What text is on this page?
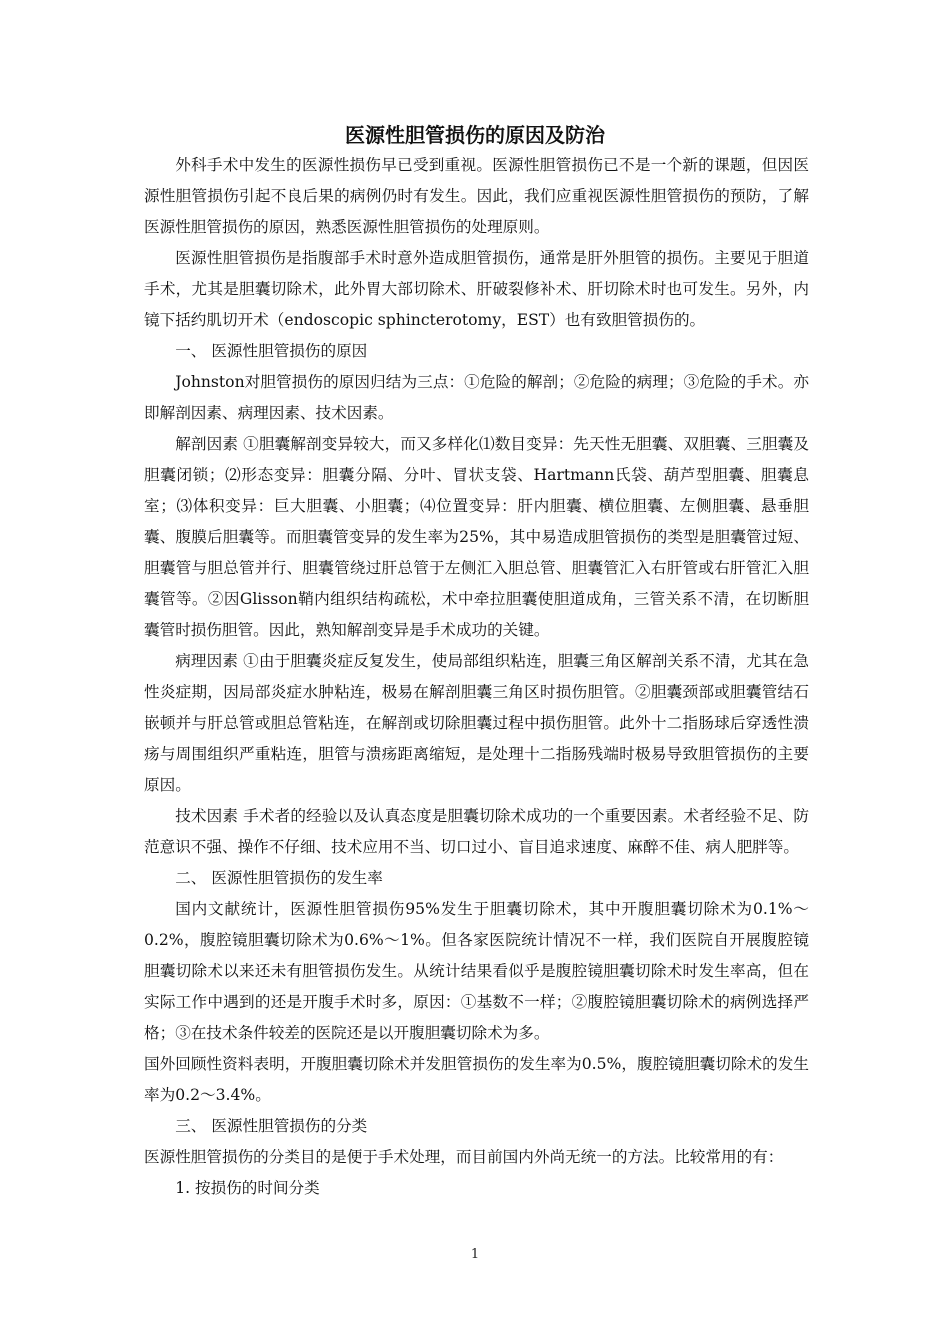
医源性胆管损伤的原因及防治

外科手术中发生的医源性损伤早已受到重视。医源性胆管损伤已不是一个新的课题，但因医源性胆管损伤引起不良后果的病例仍时有发生。因此，我们应重视医源性胆管损伤的预防，了解医源性胆管损伤的原因，熟悉医源性胆管损伤的处理原则。

医源性胆管损伤是指腹部手术时意外造成胆管损伤，通常是肝外胆管的损伤。主要见于胆道手术，尤其是胆囊切除术，此外胃大部切除术、肝破裂修补术、肝切除术时也可发生。另外，内镜下括约肌切开术（endoscopic sphincterotomy，EST）也有致胆管损伤的。

一、 医源性胆管损伤的原因

Johnston对胆管损伤的原因归结为三点：①危险的解剖；②危险的病理；③危险的手术。亦即解剖因素、病理因素、技术因素。

解剖因素 ①胆囊解剖变异较大，而又多样化⑴数目变异：先天性无胆囊、双胆囊、三胆囊及胆囊闭锁；⑵形态变异：胆囊分隔、分叶、冒状支袋、Hartmann氏袋、葫芦型胆囊、胆囊息室；⑶体积变异：巨大胆囊、小胆囊；⑷位置变异：肝内胆囊、横位胆囊、左侧胆囊、悬垂胆囊、腹膜后胆囊等。而胆囊管变异的发生率为25%，其中易造成胆管损伤的类型是胆囊管过短、胆囊管与胆总管并行、胆囊管绕过肝总管于左侧汇入胆总管、胆囊管汇入右肝管或右肝管汇入胆囊管等。②因Glisson鞘内组织结构疏松，术中牵拉胆囊使胆道成角，三管关系不清，在切断胆囊管时损伤胆管。因此，熟知解剖变异是手术成功的关键。

病理因素 ①由于胆囊炎症反复发生，使局部组织粘连，胆囊三角区解剖关系不清，尤其在急性炎症期，因局部炎症水肿粘连，极易在解剖胆囊三角区时损伤胆管。②胆囊颈部或胆囊管结石嵌顿并与肝总管或胆总管粘连，在解剖或切除胆囊过程中损伤胆管。此外十二指肠球后穿透性溃疡与周围组织严重粘连，胆管与溃疡距离缩短，是处理十二指肠残端时极易导致胆管损伤的主要原因。

技术因素 手术者的经验以及认真态度是胆囊切除术成功的一个重要因素。术者经验不足、防范意识不强、操作不仔细、技术应用不当、切口过小、盲目追求速度、麻醉不佳、病人肥胖等。

二、 医源性胆管损伤的发生率

国内文献统计，医源性胆管损伤95%发生于胆囊切除术，其中开腹胆囊切除术为0.1%～0.2%，腹腔镜胆囊切除术为0.6%～1%。但各家医院统计情况不一样，我们医院自开展腹腔镜胆囊切除术以来还未有胆管损伤发生。从统计结果看似乎是腹腔镜胆囊切除术时发生率高，但在实际工作中遇到的还是开腹手术时多，原因：①基数不一样；②腹腔镜胆囊切除术的病例选择严格；③在技术条件较差的医院还是以开腹胆囊切除术为多。

国外回顾性资料表明，开腹胆囊切除术并发胆管损伤的发生率为0.5%，腹腔镜胆囊切除术的发生率为0.2～3.4%。

三、 医源性胆管损伤的分类

医源性胆管损伤的分类目的是便于手术处理，而目前国内外尚无统一的方法。比较常用的有：

1. 按损伤的时间分类

1
